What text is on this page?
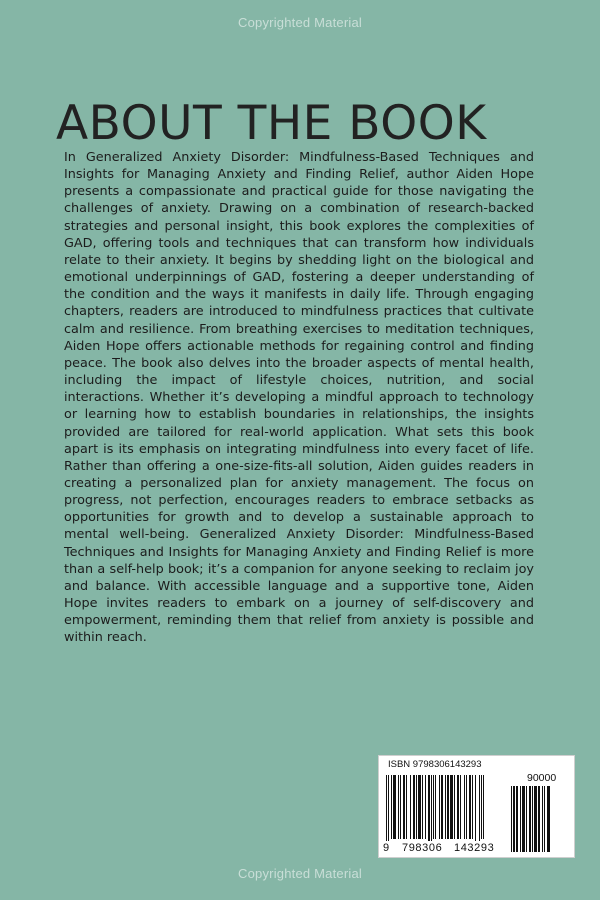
Copyrighted Material
ABOUT THE BOOK

In Generalized Anxiety Disorder: Mindfulness-Based Techniques and Insights for Managing Anxiety and Finding Relief, author Aiden Hope presents a compassionate and practical guide for those navigating the challenges of anxiety. Drawing on a combination of research-backed strategies and personal insight, this book explores the complexities of GAD, offering tools and techniques that can transform how individuals relate to their anxiety. It begins by shedding light on the biological and emotional underpinnings of GAD, fostering a deeper understanding of the condition and the ways it manifests in daily life. Through engaging chapters, readers are introduced to mindfulness practices that cultivate calm and resilience. From breathing exercises to meditation techniques, Aiden Hope offers actionable methods for regaining control and finding peace. The book also delves into the broader aspects of mental health, including the impact of lifestyle choices, nutrition, and social interactions. Whether it’s developing a mindful approach to technology or learning how to establish boundaries in relationships, the insights provided are tailored for real-world application. What sets this book apart is its emphasis on integrating mindfulness into every facet of life. Rather than offering a one-size-fits-all solution, Aiden guides readers in creating a personalized plan for anxiety management. The focus on progress, not perfection, encourages readers to embrace setbacks as opportunities for growth and to develop a sustainable approach to mental well-being. Generalized Anxiety Disorder: Mindfulness-Based Techniques and Insights for Managing Anxiety and Finding Relief is more than a self-help book; it’s a companion for anyone seeking to reclaim joy and balance. With accessible language and a supportive tone, Aiden Hope invites readers to embark on a journey of self-discovery and empowerment, reminding them that relief from anxiety is possible and within reach.

ISBN 9798306143293
90000
9 798306 143293
Copyrighted Material
